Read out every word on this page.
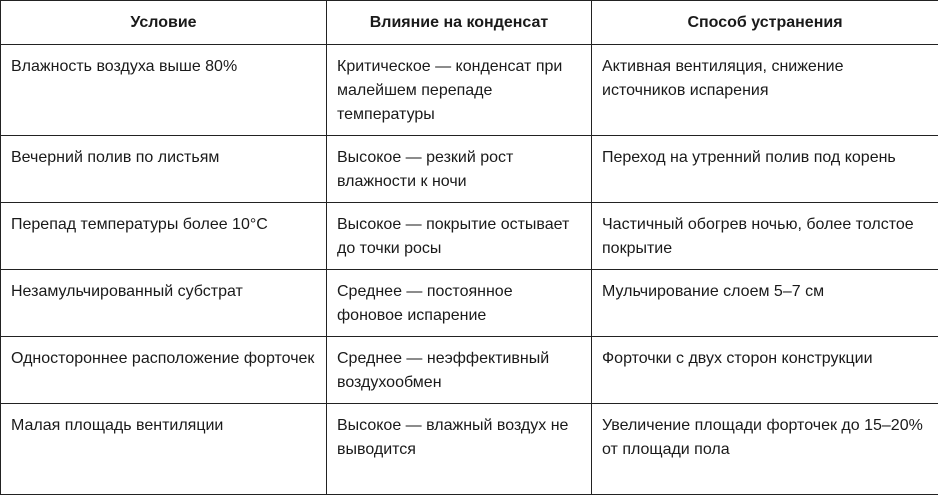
Условие	Влияние на конденсат	Способ устранения
Влажность воздуха выше 80%	Критическое — конденсат при малейшем перепаде температуры	Активная вентиляция, снижение источников испарения
Вечерний полив по листьям	Высокое — резкий рост влажности к ночи	Переход на утренний полив под корень
Перепад температуры более 10°C	Высокое — покрытие остывает до точки росы	Частичный обогрев ночью, более толстое покрытие
Незамульчированный субстрат	Среднее — постоянное фоновое испарение	Мульчирование слоем 5–7 см
Одностороннее расположение форточек	Среднее — неэффективный воздухообмен	Форточки с двух сторон конструкции
Малая площадь вентиляции	Высокое — влажный воздух не выводится	Увеличение площади форточек до 15–20% от площади пола
